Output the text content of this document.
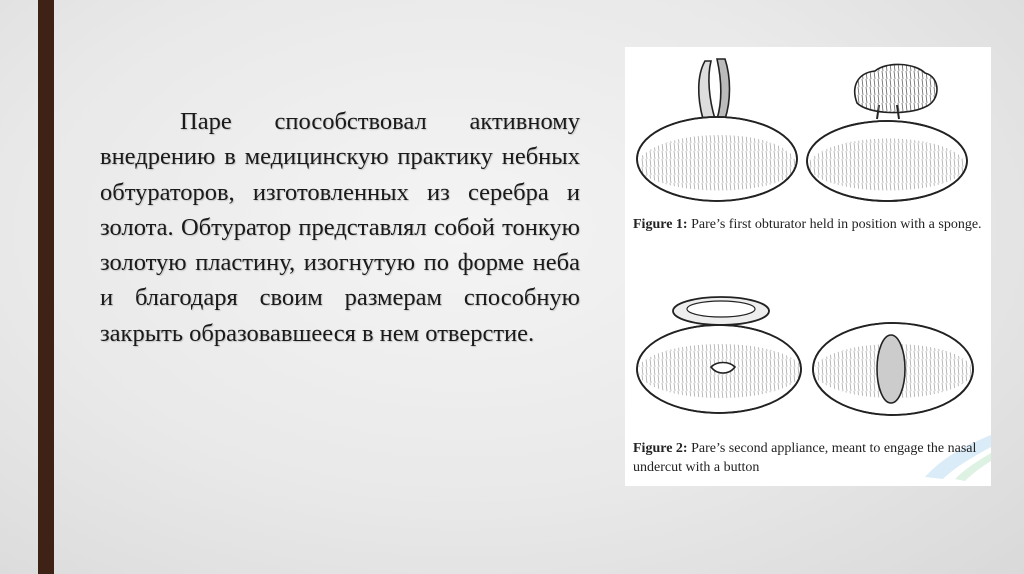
Паре способствовал активному внедрению в медицинскую практику небных обтураторов, изготовленных из серебра и золота. Обтуратор представлял собой тонкую золотую пластину, изогнутую по форме неба и благодаря своим размерам способную закрыть образовавшееся в нем отверстие.
Figure 1: Pare’s first obturator held in position with a sponge.
Figure 2: Pare’s second appliance, meant to engage the nasal undercut with a button
